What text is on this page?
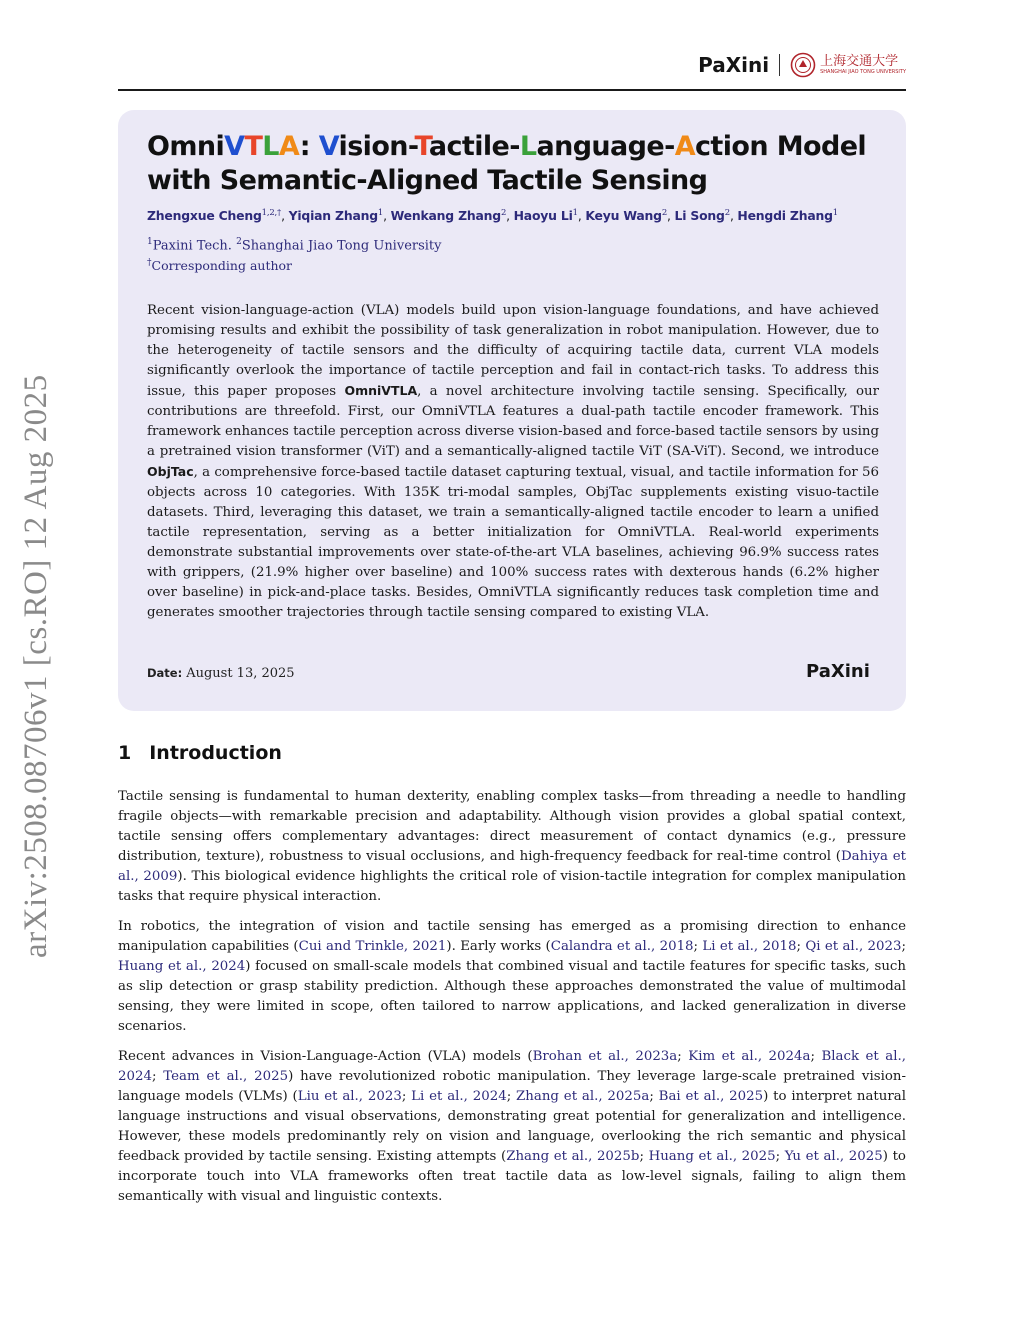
arXiv:2508.08706v1 [cs.RO] 12 Aug 2025
PaXini	上海交通大学
SHANGHAI JIAO TONG UNIVERSITY
OmniVTLA: Vision-Tactile-Language-Action Model
with Semantic-Aligned Tactile Sensing
Zhengxue Cheng$^{1,2,\dagger}$, Yiqian Zhang$^1$, Wenkang Zhang$^2$, Haoyu Li$^1$, Keyu Wang$^2$, Li Song$^2$, Hengdi Zhang$^1$
$^1$Paxini Tech. $^2$Shanghai Jiao Tong University
†Corresponding author
Recent vision-language-action (VLA) models build upon vision-language foundations, and have achieved promising results and exhibit the possibility of task generalization in robot manipulation. However, due to the heterogeneity of tactile sensors and the difficulty of acquiring tactile data, current VLA models significantly overlook the importance of tactile perception and fail in contact-rich tasks. To address this issue, this paper proposes OmniVTLA, a novel architecture involving tactile sensing. Specifically, our contributions are threefold. First, our OmniVTLA features a dual-path tactile encoder framework. This framework enhances tactile perception across diverse vision-based and force-based tactile sensors by using a pretrained vision transformer (ViT) and a semantically-aligned tactile ViT (SA-ViT). Second, we introduce ObjTac, a comprehensive force-based tactile dataset capturing textual, visual, and tactile information for 56 objects across 10 categories. With 135K tri-modal samples, ObjTac supplements existing visuo-tactile datasets. Third, leveraging this dataset, we train a semantically-aligned tactile encoder to learn a unified tactile representation, serving as a better initialization for OmniVTLA. Real-world experiments demonstrate substantial improvements over state-of-the-art VLA baselines, achieving 96.9% success rates with grippers, (21.9% higher over baseline) and 100% success rates with dexterous hands (6.2% higher over baseline) in pick-and-place tasks. Besides, OmniVTLA significantly reduces task completion time and generates smoother trajectories through tactile sensing compared to existing VLA.
Date: August 13, 2025	PaXini
1 Introduction
Tactile sensing is fundamental to human dexterity, enabling complex tasks—from threading a needle to handling fragile objects—with remarkable precision and adaptability. Although vision provides a global spatial context, tactile sensing offers complementary advantages: direct measurement of contact dynamics (e.g., pressure distribution, texture), robustness to visual occlusions, and high-frequency feedback for real-time control (Dahiya et al., 2009). This biological evidence highlights the critical role of vision-tactile integration for complex manipulation tasks that require physical interaction.
In robotics, the integration of vision and tactile sensing has emerged as a promising direction to enhance manipulation capabilities (Cui and Trinkle, 2021). Early works (Calandra et al., 2018; Li et al., 2018; Qi et al., 2023; Huang et al., 2024) focused on small-scale models that combined visual and tactile features for specific tasks, such as slip detection or grasp stability prediction. Although these approaches demonstrated the value of multimodal sensing, they were limited in scope, often tailored to narrow applications, and lacked generalization in diverse scenarios.
Recent advances in Vision-Language-Action (VLA) models (Brohan et al., 2023a; Kim et al., 2024a; Black et al., 2024; Team et al., 2025) have revolutionized robotic manipulation. They leverage large-scale pretrained vision-language models (VLMs) (Liu et al., 2023; Li et al., 2024; Zhang et al., 2025a; Bai et al., 2025) to interpret natural language instructions and visual observations, demonstrating great potential for generalization and intelligence. However, these models predominantly rely on vision and language, overlooking the rich semantic and physical feedback provided by tactile sensing. Existing attempts (Zhang et al., 2025b; Huang et al., 2025; Yu et al., 2025) to incorporate touch into VLA frameworks often treat tactile data as low-level signals, failing to align them semantically with visual and linguistic contexts.
